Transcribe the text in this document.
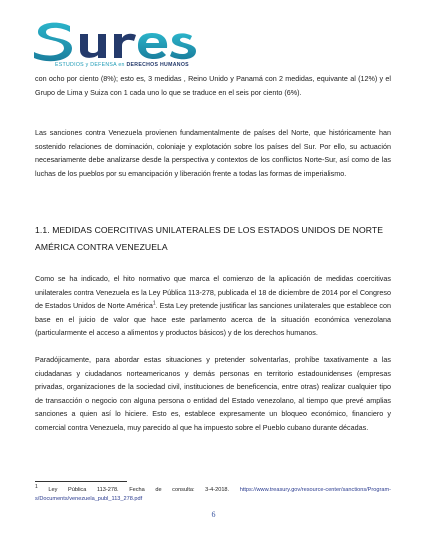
ESTUDIOS y DEFENSA en DERECHOS HUMANOS

con ocho por ciento (8%); esto es, 3 medidas , Reino Unido y Panamá con 2 medidas, equivante al (12%) y el Grupo de Lima y Suiza con 1 cada uno lo que se traduce en el seis por ciento (6%).

Las sanciones contra Venezuela provienen fundamentalmente de países del Norte, que históricamente han sostenido relaciones de dominación, coloniaje y explotación sobre los países del Sur. Por ello, su actuación necesariamente debe analizarse desde la perspectiva y contextos de los conflictos Norte-Sur, así como de las luchas de los pueblos por su emancipación y liberación frente a todas las formas de imperialismo.

1.1. MEDIDAS COERCITIVAS UNILATERALES DE LOS ESTADOS UNIDOS DE NORTE AMÉRICA CONTRA VENEZUELA

Como se ha indicado, el hito normativo que marca el comienzo de la aplicación de medidas coercitivas unilaterales contra Venezuela es la Ley Pública 113-278, publicada el 18 de diciembre de 2014 por el Congreso de Estados Unidos de Norte América$^1$. Esta Ley pretende justificar las sanciones unilaterales que establece con base en el juicio de valor que hace este parlamento acerca de la situación económica venezolana (particularmente el acceso a alimentos y productos básicos) y de los derechos humanos.

Paradójicamente, para abordar estas situaciones y pretender solventarlas, prohíbe taxativamente a las ciudadanas y ciudadanos norteamericanos y demás personas en territorio estadounidenses (empresas privadas, organizaciones de la sociedad civil, instituciones de beneficencia, entre otras) realizar cualquier tipo de transacción o negocio con alguna persona o entidad del Estado venezolano, al tiempo que prevé amplias sanciones a quien así lo hiciere. Esto es, establece expresamente un bloqueo económico, financiero y comercial contra Venezuela, muy parecido al que ha impuesto sobre el Pueblo cubano durante décadas.

1 Ley Pública 113-278. Fecha de consulta: 3-4-2018. https://www.treasury.gov/resource-center/sanctions/Program-s/Documents/venezuela_publ_113_278.pdf

6
